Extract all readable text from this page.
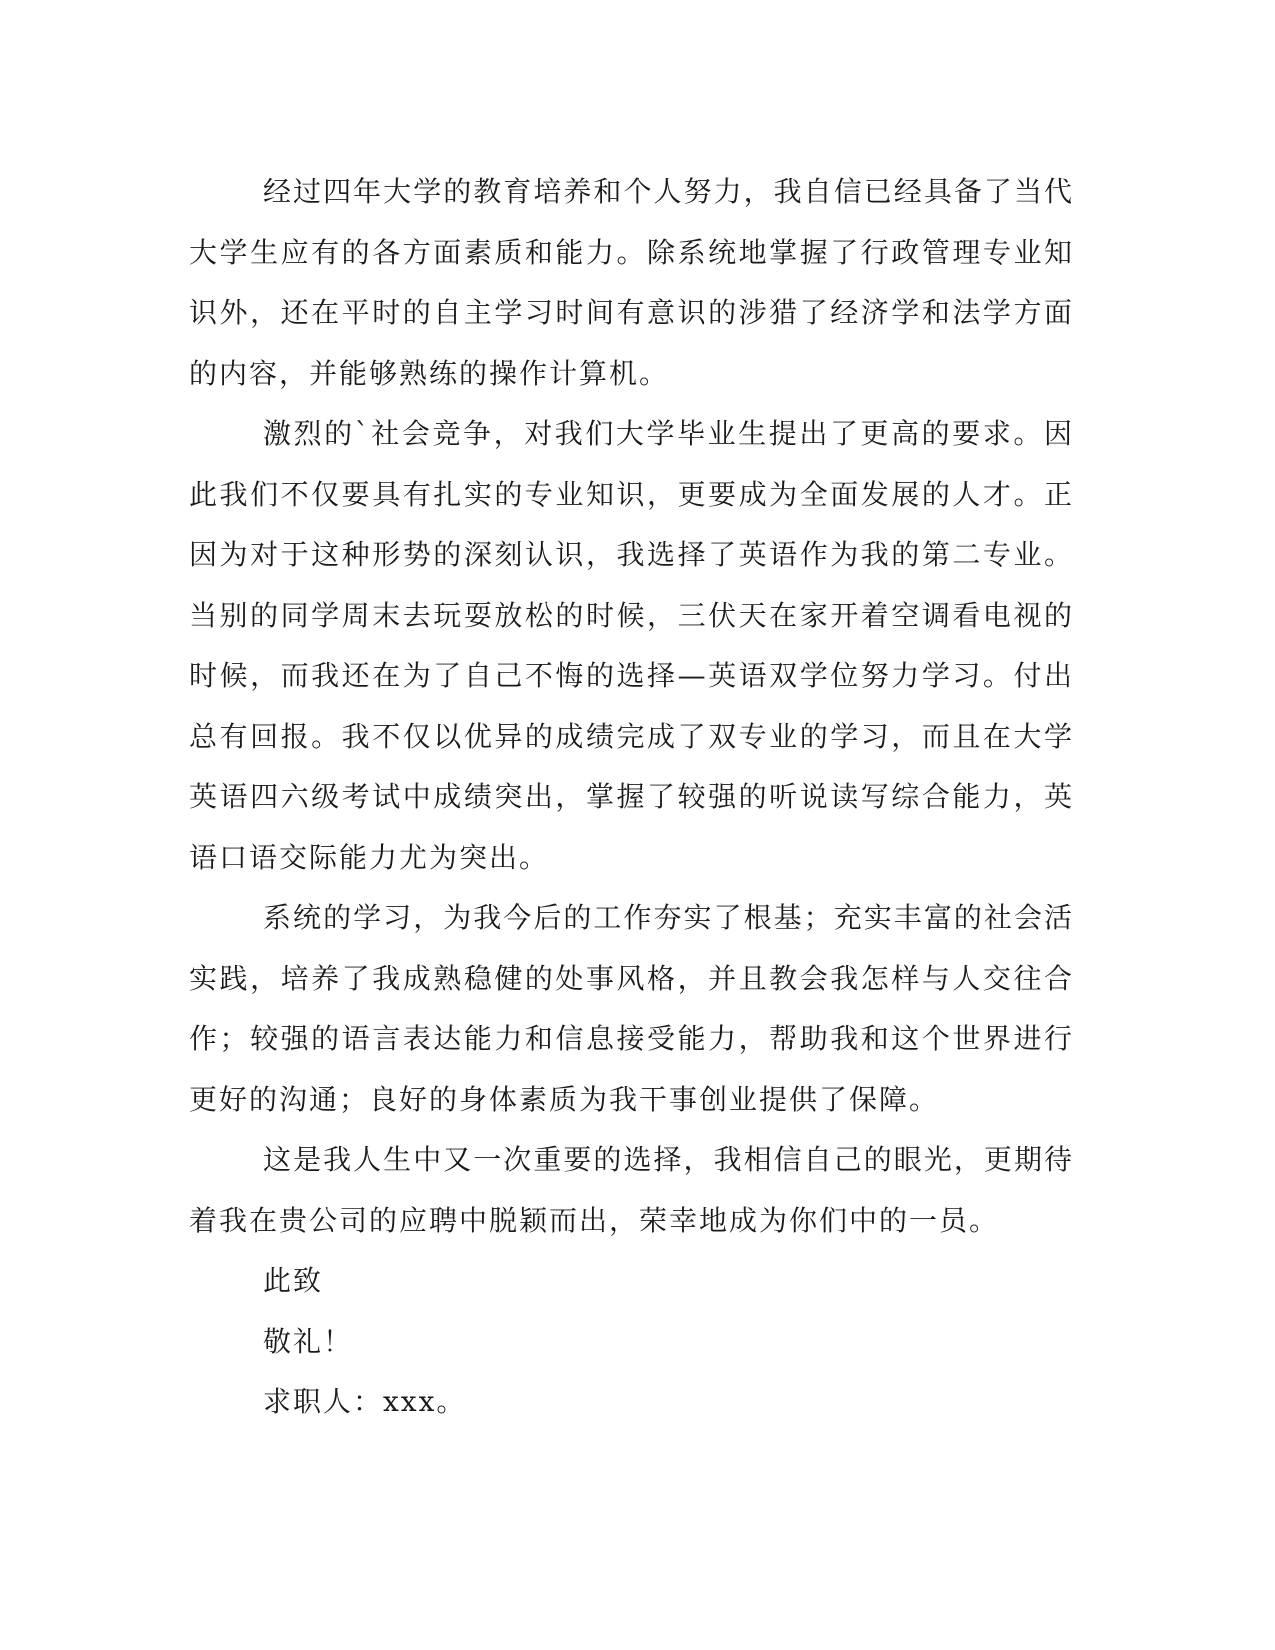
经过四年大学的教育培养和个人努力，我自信已经具备了当代大学生应有的各方面素质和能力。除系统地掌握了行政管理专业知识外，还在平时的自主学习时间有意识的涉猎了经济学和法学方面的内容，并能够熟练的操作计算机。

激烈的`社会竞争，对我们大学毕业生提出了更高的要求。因此我们不仅要具有扎实的专业知识，更要成为全面发展的人才。正因为对于这种形势的深刻认识，我选择了英语作为我的第二专业。当别的同学周末去玩耍放松的时候，三伏天在家开着空调看电视的时候，而我还在为了自己不悔的选择—英语双学位努力学习。付出总有回报。我不仅以优异的成绩完成了双专业的学习，而且在大学英语四六级考试中成绩突出，掌握了较强的听说读写综合能力，英语口语交际能力尤为突出。

系统的学习，为我今后的工作夯实了根基；充实丰富的社会活实践，培养了我成熟稳健的处事风格，并且教会我怎样与人交往合作；较强的语言表达能力和信息接受能力，帮助我和这个世界进行更好的沟通；良好的身体素质为我干事创业提供了保障。

这是我人生中又一次重要的选择，我相信自己的眼光，更期待着我在贵公司的应聘中脱颖而出，荣幸地成为你们中的一员。

此致

敬礼！

求职人：xxx。
